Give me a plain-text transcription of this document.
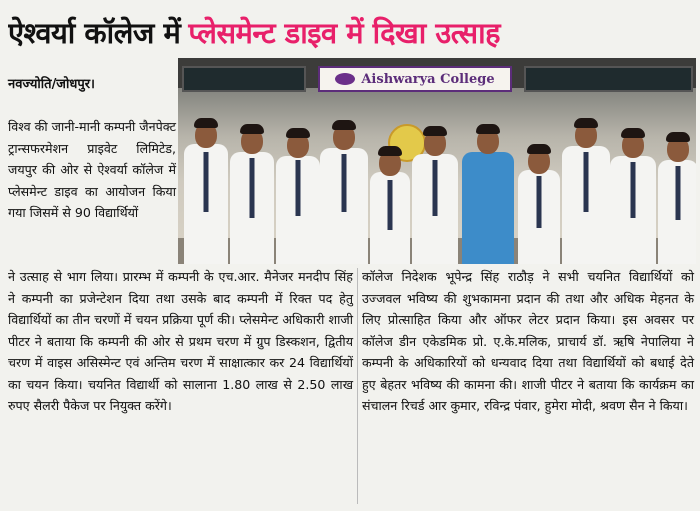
ऐश्वर्या कॉलेज में प्लेसमेन्ट डाइव में दिखा उत्साह
नवज्योति/जोधपुर।	Aishwarya College
विश्व की जानी-मानी कम्पनी जैनपेक्ट ट्रान्सफरमेशन प्राइवेट लिमिटेड, जयपुर की ओर से ऐश्वर्या कॉलेज में प्लेसमेन्ट डाइव का आयोजन किया गया जिसमें से 90 विद्यार्थियों
ने उत्साह से भाग लिया। प्रारम्भ में कम्पनी के एच.आर. मैनेजर मनदीप सिंह ने कम्पनी का प्रजेन्टेशन दिया तथा उसके बाद कम्पनी में रिक्त पद हेतु विद्यार्थियों का तीन चरणों में चयन प्रक्रिया पूर्ण की। प्लेसमेन्ट अधिकारी शाजी पीटर ने बताया कि कम्पनी की ओर से प्रथम चरण में ग्रुप डिस्कशन, द्वितीय चरण में वाइस असिस्मेन्ट एवं अन्तिम चरण में साक्षात्कार कर 24 विद्यार्थियों का चयन किया। चयनित विद्यार्थी को सालाना 1.80 लाख से 2.50 लाख रुपए सैलरी पैकेज पर नियुक्त करेंगे।
कॉलेज निदेशक भूपेन्द्र सिंह राठौड़ ने सभी चयनित विद्यार्थियों को उज्जवल भविष्य की शुभकामना प्रदान की तथा और अधिक मेहनत के लिए प्रोत्साहित किया और ऑफर लेटर प्रदान किया। इस अवसर पर कॉलेज डीन एकेडमिक प्रो. ए.के.मलिक, प्राचार्य डॉ. ऋषि नेपालिया ने कम्पनी के अधिकारियों को धन्यवाद दिया तथा विद्यार्थियों को बधाई देते हुए बेहतर भविष्य की कामना की। शाजी पीटर ने बताया कि कार्यक्रम का संचालन रिचर्ड आर कुमार, रविन्द्र पंवार, हुमेरा मोदी, श्रवण सैन ने किया।
